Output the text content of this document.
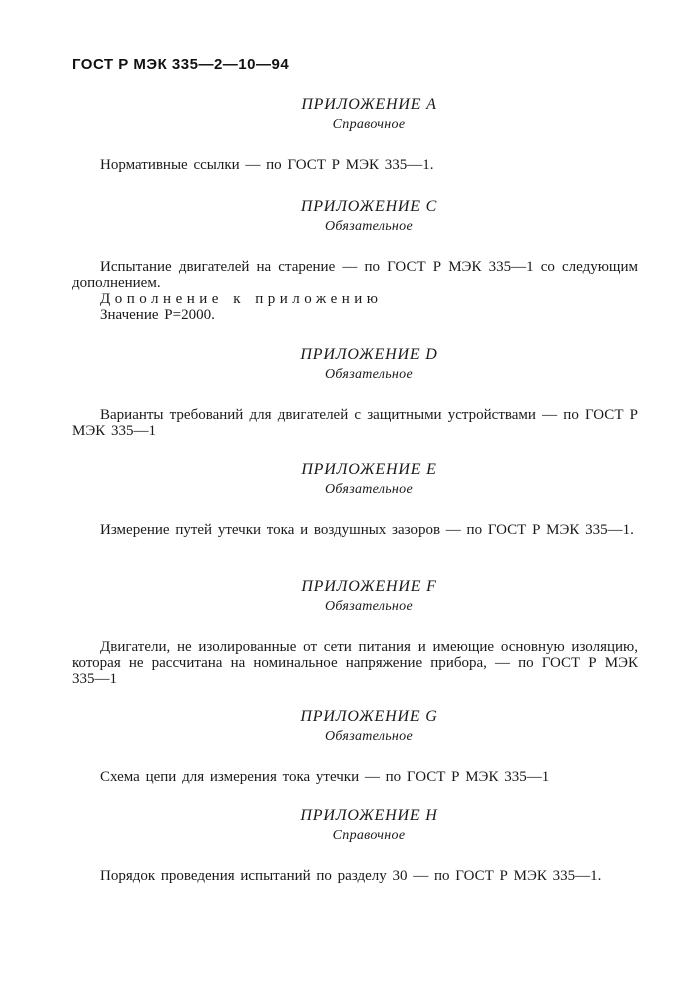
ГОСТ Р МЭК 335—2—10—94
ПРИЛОЖЕНИЕ A
Справочное

Нормативные ссылки — по ГОСТ Р МЭК 335—1.

ПРИЛОЖЕНИЕ C
Обязательное

Испытание двигателей на старение — по ГОСТ Р МЭК 335—1 со следующим дополнением.

Дополнение к приложению

Значение P=2000.

ПРИЛОЖЕНИЕ D
Обязательное

Варианты требований для двигателей с защитными устройствами — по ГОСТ Р МЭК 335—1

ПРИЛОЖЕНИЕ E
Обязательное

Измерение путей утечки тока и воздушных зазоров — по ГОСТ Р МЭК 335—1.

ПРИЛОЖЕНИЕ F
Обязательное

Двигатели, не изолированные от сети питания и имеющие основную изоляцию, которая не рассчитана на номинальное напряжение прибора, — по ГОСТ Р МЭК 335—1

ПРИЛОЖЕНИЕ G
Обязательное

Схема цепи для измерения тока утечки — по ГОСТ Р МЭК 335—1

ПРИЛОЖЕНИЕ H
Справочное

Порядок проведения испытаний по разделу 30 — по ГОСТ Р МЭК 335—1.
